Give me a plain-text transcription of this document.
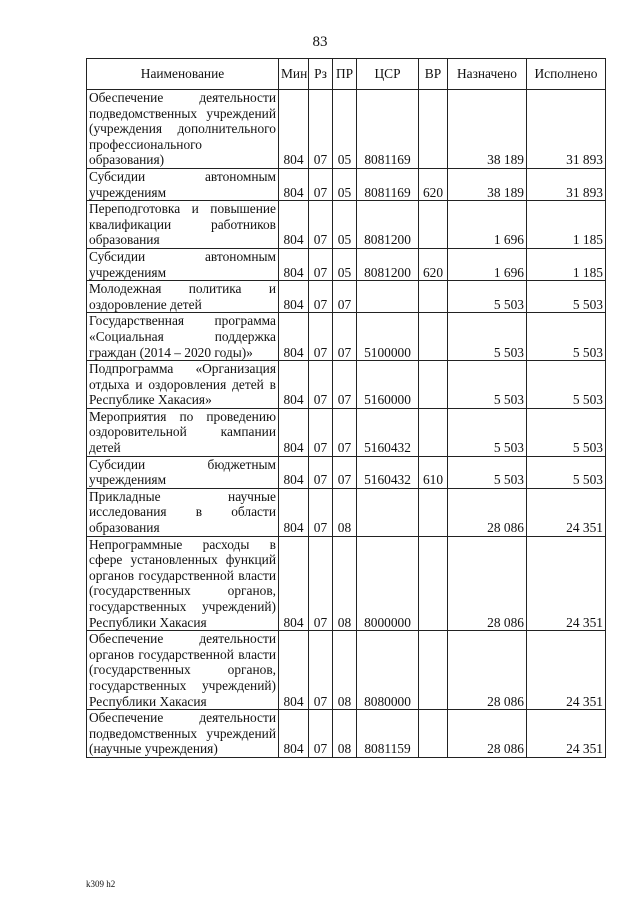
83
Наименование	Мин	Рз	ПР	ЦСР	ВР	Назначено	Исполнено
Обеспечение деятельности подведомственных учреждений (учреждения дополнительного профессионального образования)	804	07	05	8081169		38 189	31 893
Субсидии автономным учреждениям	804	07	05	8081169	620	38 189	31 893
Переподготовка и повышение квалификации работников образования	804	07	05	8081200		1 696	1 185
Субсидии автономным учреждениям	804	07	05	8081200	620	1 696	1 185
Молодежная политика и оздоровление детей	804	07	07			5 503	5 503
Государственная программа «Социальная поддержка граждан (2014 – 2020 годы)»	804	07	07	5100000		5 503	5 503
Подпрограмма «Организация отдыха и оздоровления детей в Республике Хакасия»	804	07	07	5160000		5 503	5 503
Мероприятия по проведению оздоровительной кампании детей	804	07	07	5160432		5 503	5 503
Субсидии бюджетным учреждениям	804	07	07	5160432	610	5 503	5 503
Прикладные научные исследования в области образования	804	07	08			28 086	24 351
Непрограммные расходы в сфере установленных функций органов государственной власти (государственных органов, государственных учреждений) Республики Хакасия	804	07	08	8000000		28 086	24 351
Обеспечение деятельности органов государственной власти (государственных органов, государственных учреждений) Республики Хакасия	804	07	08	8080000		28 086	24 351
Обеспечение деятельности подведомственных учреждений (научные учреждения)	804	07	08	8081159		28 086	24 351
k309 h2
